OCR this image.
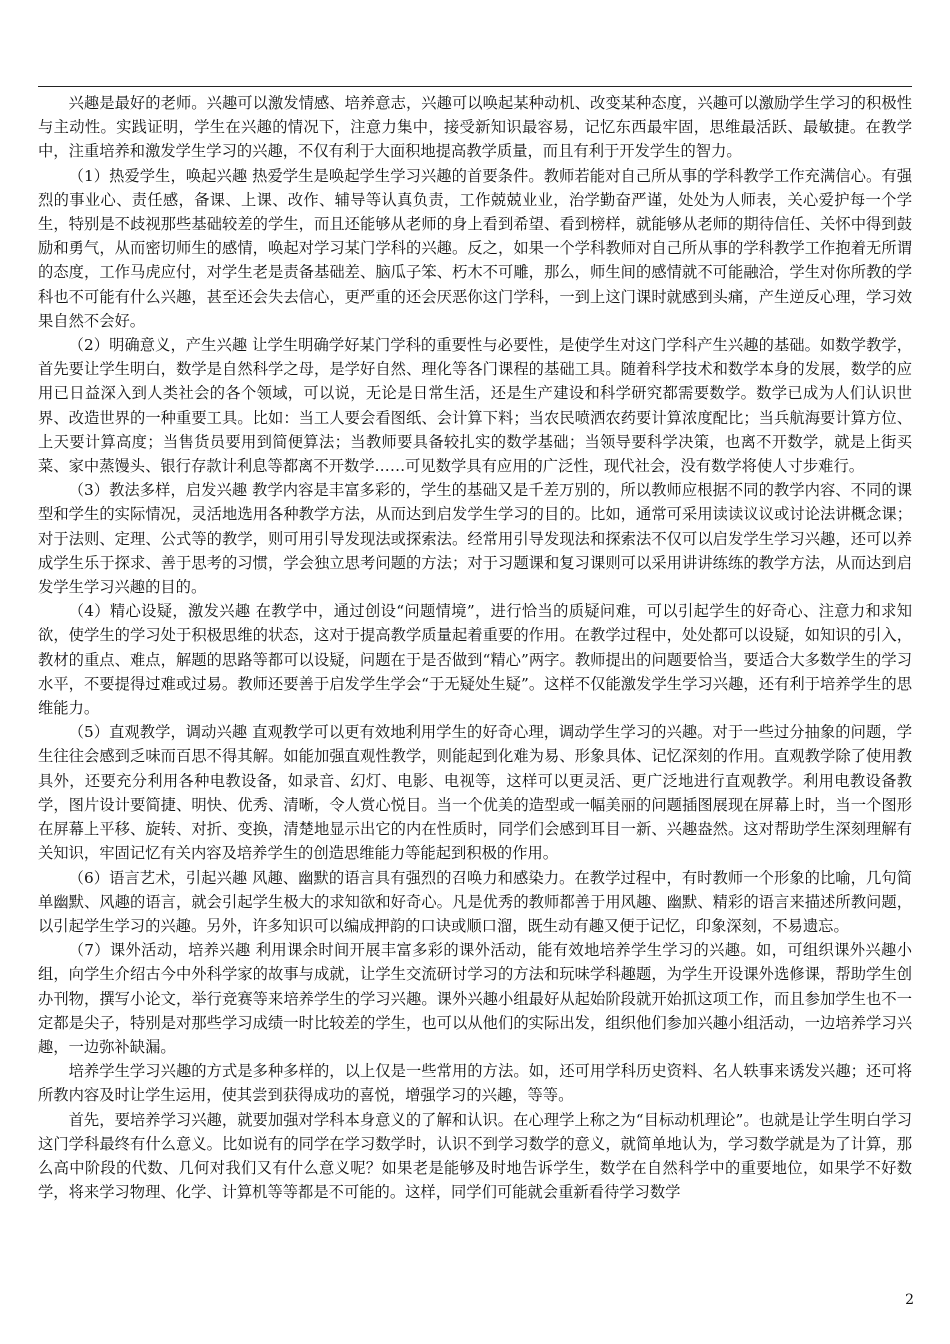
兴趣是最好的老师。兴趣可以激发情感、培养意志，兴趣可以唤起某种动机、改变某种态度，兴趣可以激励学生学习的积极性与主动性。实践证明，学生在兴趣的情况下，注意力集中，接受新知识最容易，记忆东西最牢固，思维最活跃、最敏捷。在教学中，注重培养和激发学生学习的兴趣，不仅有利于大面积地提高教学质量，而且有利于开发学生的智力。

（1）热爱学生，唤起兴趣 热爱学生是唤起学生学习兴趣的首要条件。教师若能对自己所从事的学科教学工作充满信心。有强烈的事业心、责任感，备课、上课、改作、辅导等认真负责，工作兢兢业业，治学勤奋严谨，处处为人师表，关心爱护每一个学生，特别是不歧视那些基础较差的学生，而且还能够从老师的身上看到希望、看到榜样，就能够从老师的期待信任、关怀中得到鼓励和勇气，从而密切师生的感情，唤起对学习某门学科的兴趣。反之，如果一个学科教师对自己所从事的学科教学工作抱着无所谓的态度，工作马虎应付，对学生老是责备基础差、脑瓜子笨、朽木不可雕，那么，师生间的感情就不可能融洽，学生对你所教的学科也不可能有什么兴趣，甚至还会失去信心，更严重的还会厌恶你这门学科，一到上这门课时就感到头痛，产生逆反心理，学习效果自然不会好。

（2）明确意义，产生兴趣 让学生明确学好某门学科的重要性与必要性，是使学生对这门学科产生兴趣的基础。如数学教学，首先要让学生明白，数学是自然科学之母，是学好自然、理化等各门课程的基础工具。随着科学技术和数学本身的发展，数学的应用已日益深入到人类社会的各个领域，可以说，无论是日常生活，还是生产建设和科学研究都需要数学。数学已成为人们认识世界、改造世界的一种重要工具。比如：当工人要会看图纸、会计算下料；当农民喷洒农药要计算浓度配比；当兵航海要计算方位、上天要计算高度；当售货员要用到简便算法；当教师要具备较扎实的数学基础；当领导要科学决策，也离不开数学，就是上街买菜、家中蒸馒头、银行存款计利息等都离不开数学……可见数学具有应用的广泛性，现代社会，没有数学将使人寸步难行。

（3）教法多样，启发兴趣 教学内容是丰富多彩的，学生的基础又是千差万别的，所以教师应根据不同的教学内容、不同的课型和学生的实际情况，灵活地选用各种教学方法，从而达到启发学生学习的目的。比如，通常可采用读读议议或讨论法讲概念课；对于法则、定理、公式等的教学，则可用引导发现法或探索法。经常用引导发现法和探索法不仅可以启发学生学习兴趣，还可以养成学生乐于探求、善于思考的习惯，学会独立思考问题的方法；对于习题课和复习课则可以采用讲讲练练的教学方法，从而达到启发学生学习兴趣的目的。

（4）精心设疑，激发兴趣 在教学中，通过创设“问题情境”，进行恰当的质疑问难，可以引起学生的好奇心、注意力和求知欲，使学生的学习处于积极思维的状态，这对于提高教学质量起着重要的作用。在教学过程中，处处都可以设疑，如知识的引入，教材的重点、难点，解题的思路等都可以设疑，问题在于是否做到“精心”两字。教师提出的问题要恰当，要适合大多数学生的学习水平，不要提得过难或过易。教师还要善于启发学生学会“于无疑处生疑”。这样不仅能激发学生学习兴趣，还有利于培养学生的思维能力。

（5）直观教学，调动兴趣 直观教学可以更有效地利用学生的好奇心理，调动学生学习的兴趣。对于一些过分抽象的问题，学生往往会感到乏味而百思不得其解。如能加强直观性教学，则能起到化难为易、形象具体、记忆深刻的作用。直观教学除了使用教具外，还要充分利用各种电教设备，如录音、幻灯、电影、电视等，这样可以更灵活、更广泛地进行直观教学。利用电教设备教学，图片设计要简捷、明快、优秀、清晰，令人赏心悦目。当一个优美的造型或一幅美丽的问题插图展现在屏幕上时，当一个图形在屏幕上平移、旋转、对折、变换，清楚地显示出它的内在性质时，同学们会感到耳目一新、兴趣盎然。这对帮助学生深刻理解有关知识，牢固记忆有关内容及培养学生的创造思维能力等能起到积极的作用。

（6）语言艺术，引起兴趣 风趣、幽默的语言具有强烈的召唤力和感染力。在教学过程中，有时教师一个形象的比喻，几句简单幽默、风趣的语言，就会引起学生极大的求知欲和好奇心。凡是优秀的教师都善于用风趣、幽默、精彩的语言来描述所教问题，以引起学生学习的兴趣。另外，许多知识可以编成押韵的口诀或顺口溜，既生动有趣又便于记忆，印象深刻，不易遗忘。

（7）课外活动，培养兴趣 利用课余时间开展丰富多彩的课外活动，能有效地培养学生学习的兴趣。如，可组织课外兴趣小组，向学生介绍古今中外科学家的故事与成就，让学生交流研讨学习的方法和玩味学科趣题，为学生开设课外选修课，帮助学生创办刊物，撰写小论文，举行竞赛等来培养学生的学习兴趣。课外兴趣小组最好从起始阶段就开始抓这项工作，而且参加学生也不一定都是尖子，特别是对那些学习成绩一时比较差的学生，也可以从他们的实际出发，组织他们参加兴趣小组活动，一边培养学习兴趣，一边弥补缺漏。

培养学生学习兴趣的方式是多种多样的，以上仅是一些常用的方法。如，还可用学科历史资料、名人轶事来诱发兴趣；还可将所教内容及时让学生运用，使其尝到获得成功的喜悦，增强学习的兴趣，等等。

首先，要培养学习兴趣，就要加强对学科本身意义的了解和认识。在心理学上称之为“目标动机理论”。也就是让学生明白学习这门学科最终有什么意义。比如说有的同学在学习数学时，认识不到学习数学的意义，就简单地认为，学习数学就是为了计算，那么高中阶段的代数、几何对我们又有什么意义呢？如果老是能够及时地告诉学生，数学在自然科学中的重要地位，如果学不好数学，将来学习物理、化学、计算机等等都是不可能的。这样，同学们可能就会重新看待学习数学

2
